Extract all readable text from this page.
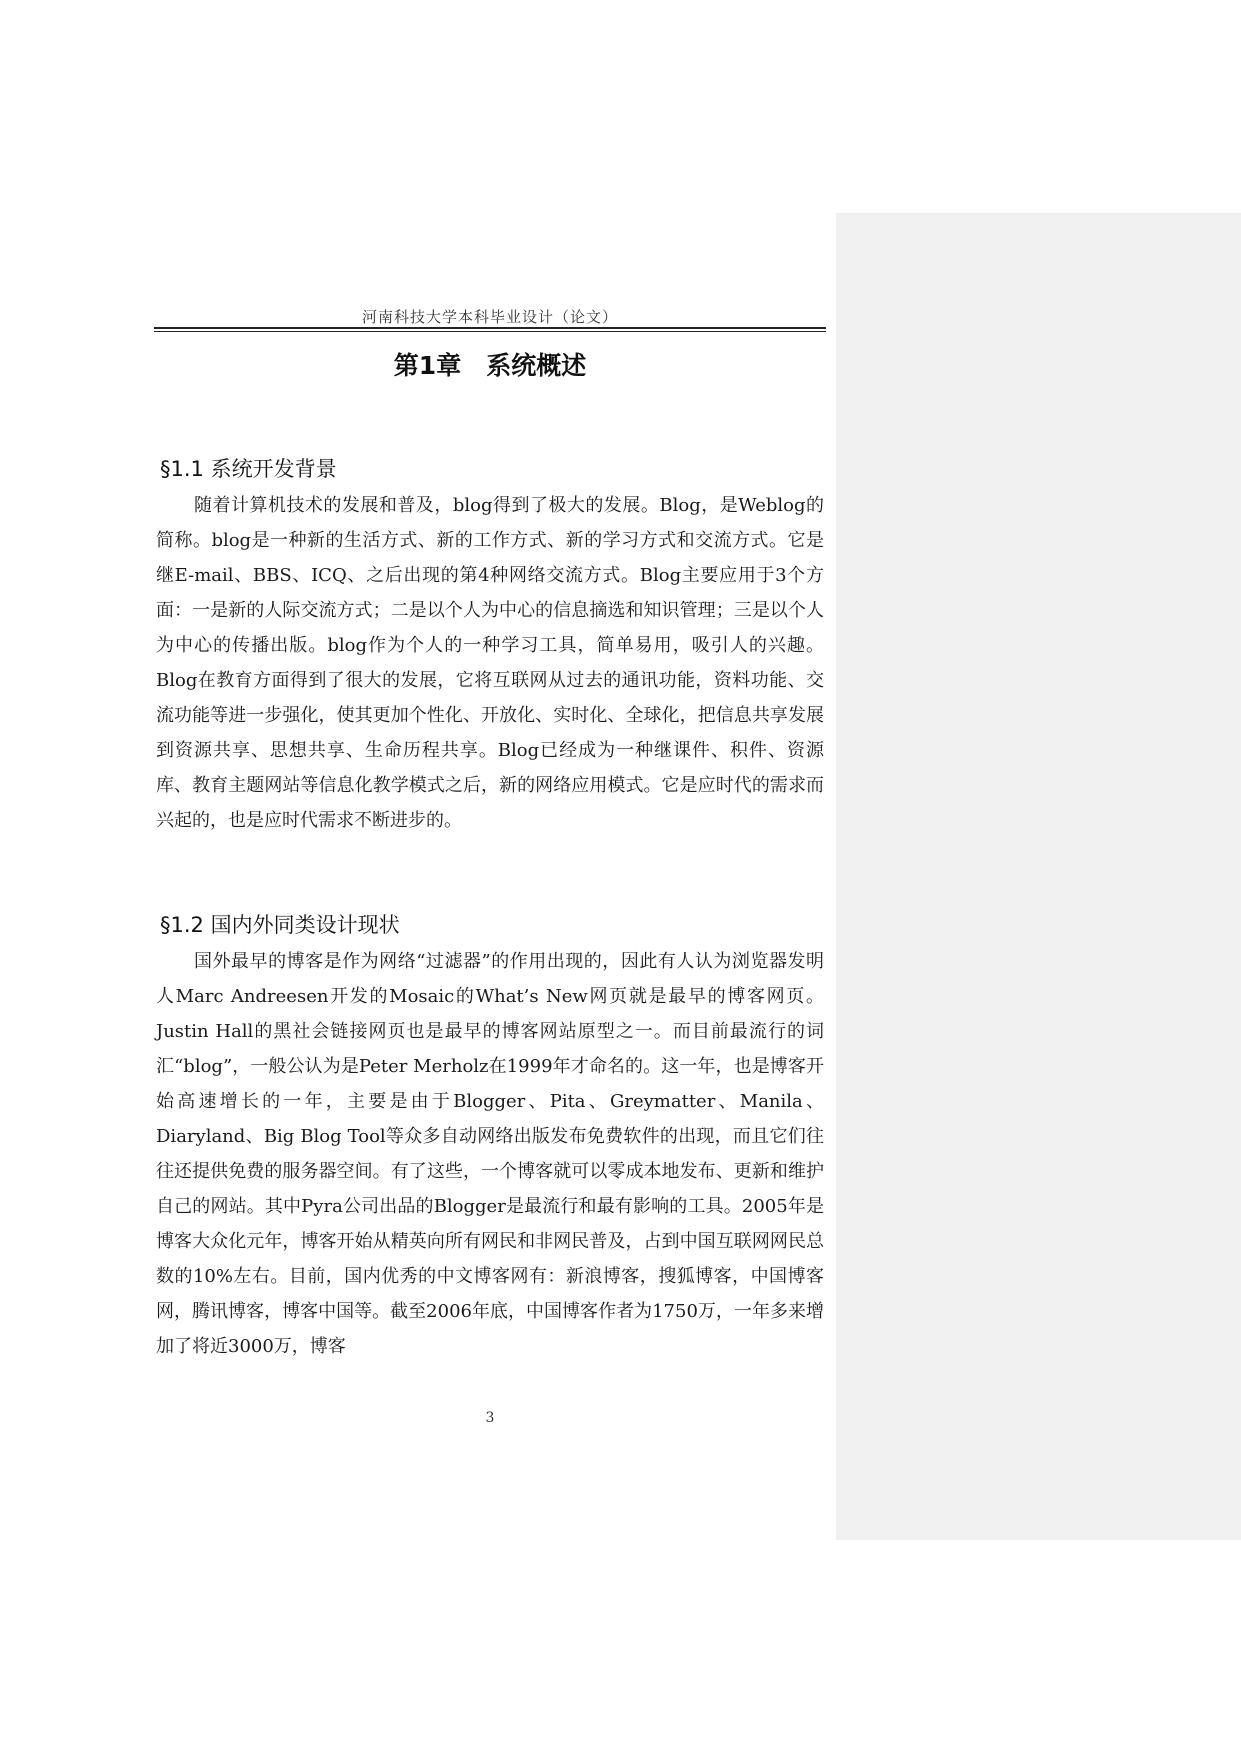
河南科技大学本科毕业设计（论文）
第1章　系统概述
§1.1 系统开发背景

随着计算机技术的发展和普及，blog得到了极大的发展。Blog，是Weblog的简称。blog是一种新的生活方式、新的工作方式、新的学习方式和交流方式。它是继E-mail、BBS、ICQ、之后出现的第4种网络交流方式。Blog主要应用于3个方面：一是新的人际交流方式；二是以个人为中心的信息摘选和知识管理；三是以个人为中心的传播出版。blog作为个人的一种学习工具，简单易用，吸引人的兴趣。Blog在教育方面得到了很大的发展，它将互联网从过去的通讯功能，资料功能、交流功能等进一步强化，使其更加个性化、开放化、实时化、全球化，把信息共享发展到资源共享、思想共享、生命历程共享。Blog已经成为一种继课件、积件、资源库、教育主题网站等信息化教学模式之后，新的网络应用模式。它是应时代的需求而兴起的，也是应时代需求不断进步的。

§1.2 国内外同类设计现状

国外最早的博客是作为网络“过滤器”的作用出现的，因此有人认为浏览器发明人Marc Andreesen开发的Mosaic的What’s New网页就是最早的博客网页。Justin Hall的黑社会链接网页也是最早的博客网站原型之一。而目前最流行的词汇“blog”，一般公认为是Peter Merholz在1999年才命名的。这一年，也是博客开始高速增长的一年，主要是由于Blogger、Pita、Greymatter、Manila、Diaryland、Big Blog Tool等众多自动网络出版发布免费软件的出现，而且它们往往还提供免费的服务器空间。有了这些，一个博客就可以零成本地发布、更新和维护自己的网站。其中Pyra公司出品的Blogger是最流行和最有影响的工具。2005年是博客大众化元年，博客开始从精英向所有网民和非网民普及，占到中国互联网网民总数的10%左右。目前，国内优秀的中文博客网有：新浪博客，搜狐博客，中国博客网，腾讯博客，博客中国等。截至2006年底，中国博客作者为1750万，一年多来增加了将近3000万，博客

3
